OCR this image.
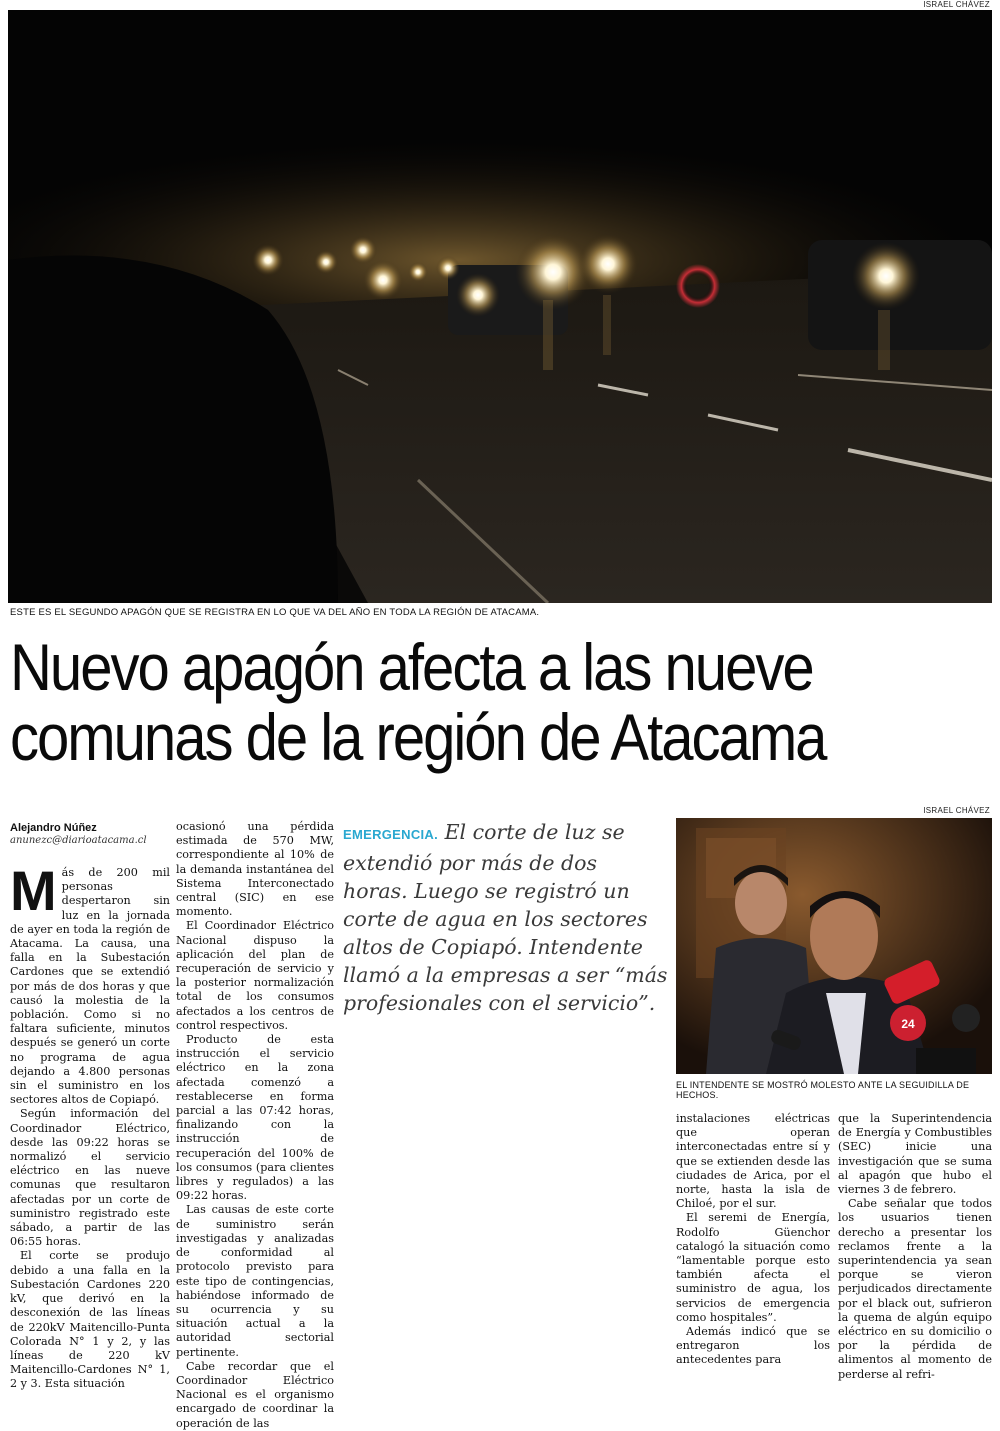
ISRAEL CHÁVEZ
ESTE ES EL SEGUNDO APAGÓN QUE SE REGISTRA EN LO QUE VA DEL AÑO EN TODA LA REGIÓN DE ATACAMA.
Nuevo apagón afecta a las nueve
comunas de la región de Atacama
Alejandro Núñez
anunezc@diarioatacama.cl

Más de 200 mil personas despertaron sin luz en la jornada de ayer en toda la región de Atacama. La causa, una falla en la Subestación Cardones que se extendió por más de dos horas y que causó la molestia de la población. Como si no faltara suficiente, minutos después se generó un corte no programa de agua dejando a 4.800 personas sin el suministro en los sectores altos de Copiapó.

Según información del Coordinador Eléctrico, desde las 09:22 horas se normalizó el servicio eléctrico en las nueve comunas que resultaron afectadas por un corte de suministro registrado este sábado, a partir de las 06:55 horas.

El corte se produjo debido a una falla en la Subestación Cardones 220 kV, que derivó en la desconexión de las líneas de 220kV Maitencillo-Punta Colorada N° 1 y 2, y las líneas de 220 kV Maitencillo-Cardones N° 1, 2 y 3. Esta situación

ocasionó una pérdida estimada de 570 MW, correspondiente al 10% de la demanda instantánea del Sistema Interconectado central (SIC) en ese momento.

El Coordinador Eléctrico Nacional dispuso la aplicación del plan de recuperación de servicio y la posterior normalización total de los consumos afectados a los centros de control respectivos.

Producto de esta instrucción el servicio eléctrico en la zona afectada comenzó a restablecerse en forma parcial a las 07:42 horas, finalizando con la instrucción de recuperación del 100% de los consumos (para clientes libres y regulados) a las 09:22 horas.

Las causas de este corte de suministro serán investigadas y analizadas de conformidad al protocolo previsto para este tipo de contingencias, habiéndose informado de su ocurrencia y su situación actual a la autoridad sectorial pertinente.

Cabe recordar que el Coordinador Eléctrico Nacional es el organismo encargado de coordinar la operación de las

EMERGENCIA. El corte de luz se extendió por más de dos horas. Luego se registró un corte de agua en los sectores altos de Copiapó. Intendente llamó a la empresas a ser “más profesionales con el servicio”.
ISRAEL CHÁVEZ
24
EL INTENDENTE SE MOSTRÓ MOLESTO ANTE LA SEGUIDILLA DE HECHOS.

instalaciones eléctricas que operan interconectadas entre sí y que se extienden desde las ciudades de Arica, por el norte, hasta la isla de Chiloé, por el sur.

El seremi de Energía, Rodolfo Güenchor catalogó la situación como “lamentable porque esto también afecta el suministro de agua, los servicios de emergencia como hospitales”.

Además indicó que se entregaron los antecedentes para

que la Superintendencia de Energía y Combustibles (SEC) inicie una investigación que se suma al apagón que hubo el viernes 3 de febrero.

Cabe señalar que todos los usuarios tienen derecho a presentar los reclamos frente a la superintendencia ya sean porque se vieron perjudicados directamente por el black out, sufrieron la quema de algún equipo eléctrico en su domicilio o por la pérdida de alimentos al momento de perderse al refri-
